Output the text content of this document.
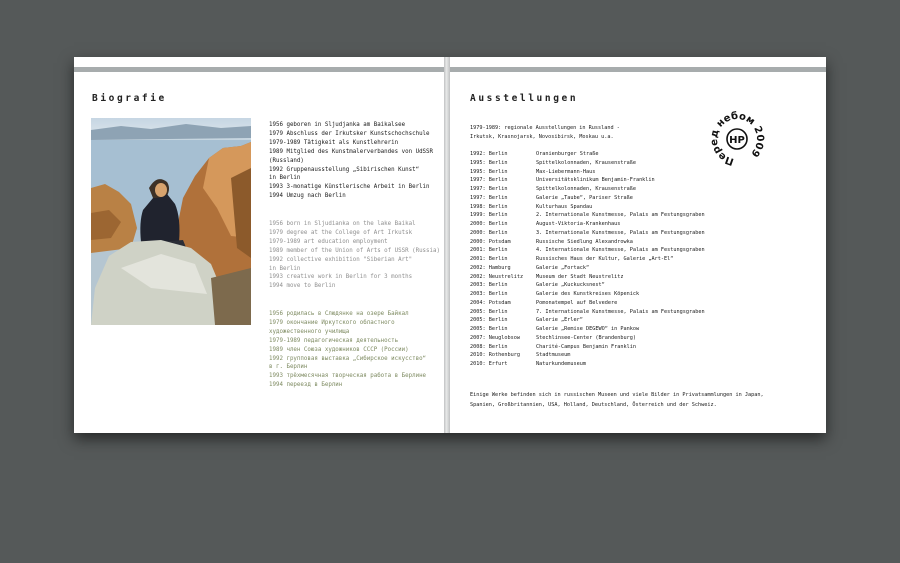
Biografie

1956 geboren in Sljudjanka am Baikalsee

1979 Abschluss der Irkutsker Kunstschochschule

1979-1989 Tätigkeit als Kunstlehrerin

1989 Mitglied des Kunstmalerverbandes von UdSSR

(Russland)

1992 Gruppenausstellung „Sibirischen Kunst“

in Berlin

1993 3-monatige Künstlerische Arbeit in Berlin

1994 Umzug nach Berlin

1956 born in Sljudianka on the lake Baikal

1979 degree at the College of Art Irkutsk

1979-1989 art education employment

1989 member of the Union of Arts of USSR (Russia)

1992 collective exhibition "Siberian Art"

in Berlin

1993 creative work in Berlin for 3 months

1994 move to Berlin

1956 родилась в Слюдянке на озере Байкал

1979 окончание Иркутского областного

художественного училища

1979-1989 педагогическая деятельность

1989 член Союза художников СССР (России)

1992 групповая выставка „Сибирское искусство“

в г. Берлин

1993 трёхмесячная творческая работа в Берлине

1994 переезд в Берлин

Ausstellungen
Перед небом 2009
НР

1979-1989: regionale Ausstellungen in Russland -

Irkutsk, Krasnojarsk, Novosibirsk, Moskau u.a.

1992: Berlin	Oranienburger Straße
1995: Berlin	Spittelkolonnaden, Krausenstraße
1995: Berlin	Max-Liebermann-Haus
1997: Berlin	Universitätsklinikum Benjamin-Franklin
1997: Berlin	Spittelkolonnaden, Krausenstraße
1997: Berlin	Galerie „Taube“, Pariser Straße
1998: Berlin	Kulturhaus Spandau
1999: Berlin	2. Internationale Kunstmesse, Palais am Festungsgraben
2000: Berlin	August-Viktoria-Krankenhaus
2000: Berlin	3. Internationale Kunstmesse, Palais am Festungsgraben
2000: Potsdam	Russische Siedlung Alexandrowka
2001: Berlin	4. Internationale Kunstmesse, Palais am Festungsgraben
2001: Berlin	Russisches Haus der Kultur, Galerie „Art-El“
2002: Hamburg	Galerie „Fortack“
2002: Neustrelitz	Museum der Stadt Neustrelitz
2003: Berlin	Galerie „Kuckucksnest“
2003: Berlin	Galerie des Kunstkreises Köpenick
2004: Potsdam	Pomonatempel auf Belvedere
2005: Berlin	7. Internationale Kunstmesse, Palais am Festungsgraben
2005: Berlin	Galerie „Erler“
2005: Berlin	Galerie „Remise DEGEWO“ in Pankow
2007: Neuglobsow	Stechlinsee-Center (Brandenburg)
2008: Berlin	Charité-Campus Benjamin Franklin
2010: Rothenburg	Stadtmuseum
2010: Erfurt	Naturkundemuseum

Einige Werke befinden sich in russischen Museen und viele Bilder in Privatsammlungen in Japan,

Spanien, Großbritannien, USA, Holland, Deutschland, Österreich und der Schweiz.
